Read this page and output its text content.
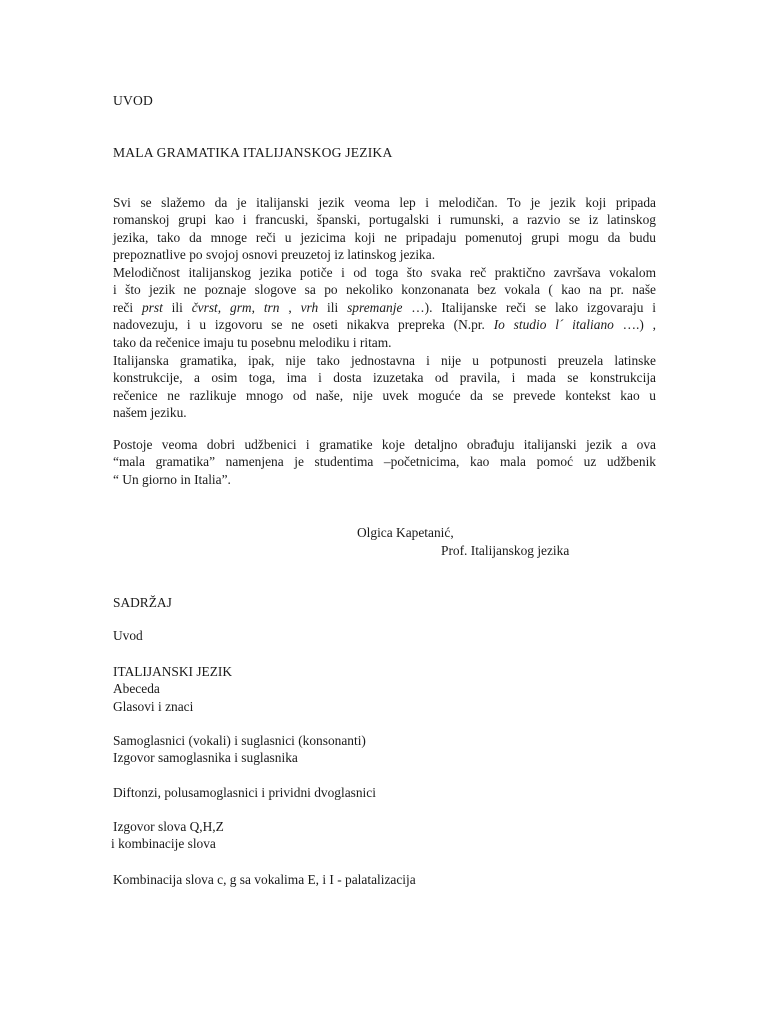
UVOD
MALA GRAMATIKA ITALIJANSKOG JEZIKA
Svi se slažemo da je italijanski jezik veoma lep i melodičan. To je jezik koji pripada
romanskoj grupi kao i francuski, španski, portugalski i rumunski, a razvio se iz latinskog
jezika, tako da mnoge reči u jezicima koji ne pripadaju pomenutoj grupi mogu da budu
prepoznatlive po svojoj osnovi preuzetoj iz latinskog jezika.
Melodičnost italijanskog jezika potiče i od toga što svaka reč praktično završava vokalom
i što jezik ne poznaje slogove sa po nekoliko konzonanata bez vokala ( kao na pr. naše
reči prst ili čvrst, grm, trn , vrh ili spremanje …). Italijanske reči se lako izgovaraju i
nadovezuju, i u izgovoru se ne oseti nikakva prepreka (N.pr. Io studio l´ italiano ….) ,
tako da rečenice imaju tu posebnu melodiku i ritam.
Italijanska gramatika, ipak, nije tako jednostavna i nije u potpunosti preuzela latinske
konstrukcije, a osim toga, ima i dosta izuzetaka od pravila, i mada se konstrukcija
rečenice ne razlikuje mnogo od naše, nije uvek moguće da se prevede kontekst kao u
našem jeziku.
Postoje veoma dobri udžbenici i gramatike koje detaljno obrađuju italijanski jezik a ova
“mala gramatika” namenjena je studentima –početnicima, kao mala pomoć uz udžbenik
“ Un giorno in Italia”.
Olgica Kapetanić,
Prof. Italijanskog jezika
SADRŽAJ
Uvod
ITALIJANSKI JEZIK
Abeceda
Glasovi i znaci
Samoglasnici (vokali) i suglasnici (konsonanti)
Izgovor samoglasnika i suglasnika
Diftonzi, polusamoglasnici i prividni dvoglasnici
Izgovor slova Q,H,Z
i kombinacije slova
Kombinacija slova c, g sa vokalima E, i I - palatalizacija
